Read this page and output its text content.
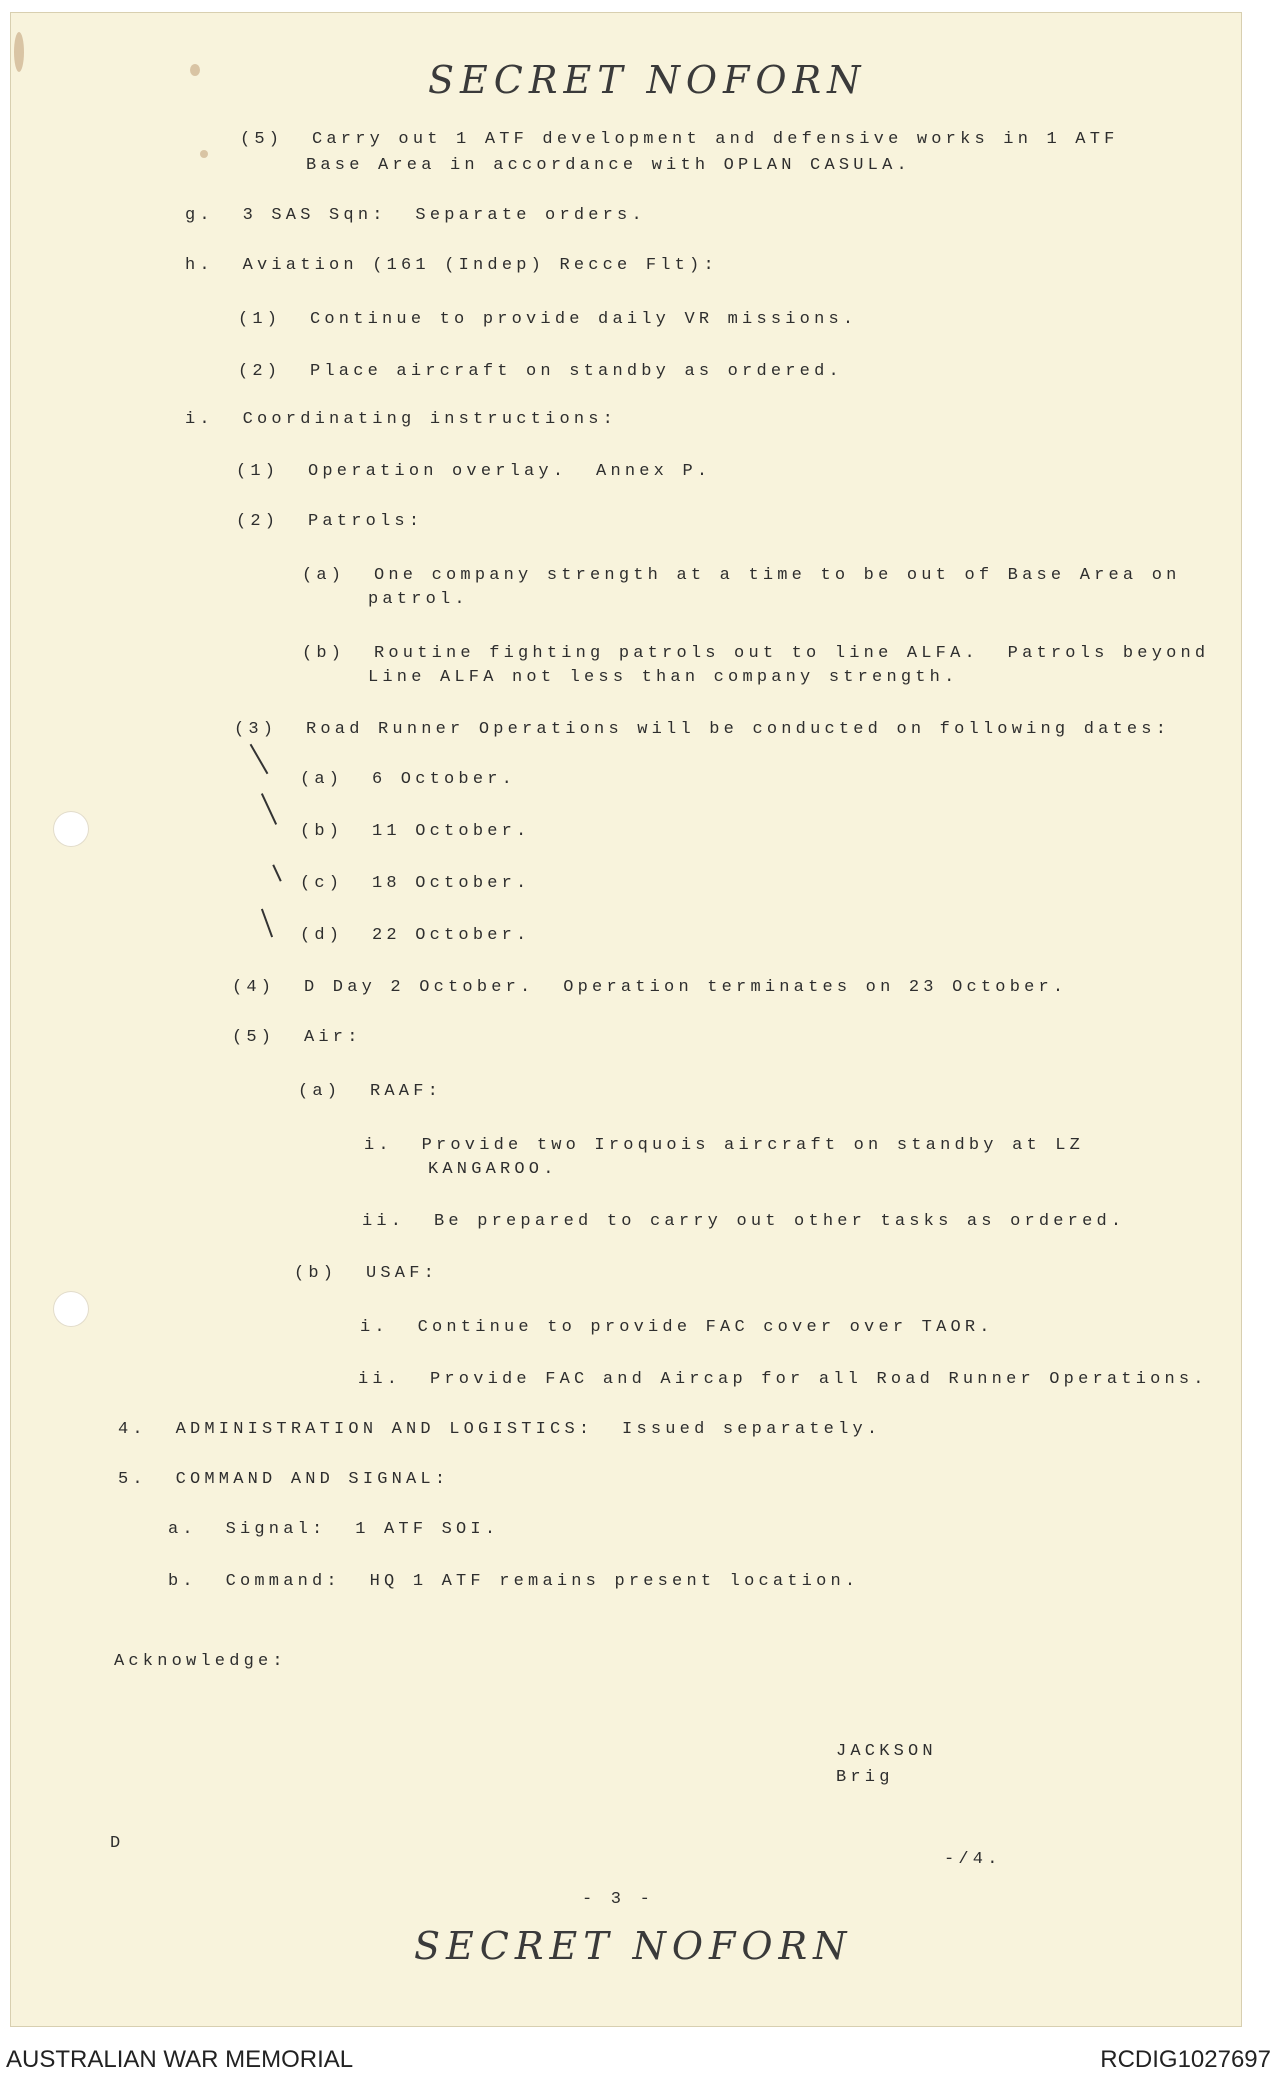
SECRET NOFORN
(5)  Carry out 1 ATF development and defensive works in 1 ATF
Base Area in accordance with OPLAN CASULA.
g.  3 SAS Sqn:  Separate orders.
h.  Aviation (161 (Indep) Recce Flt):
(1)  Continue to provide daily VR missions.
(2)  Place aircraft on standby as ordered.
i.  Coordinating instructions:
(1)  Operation overlay.  Annex P.
(2)  Patrols:
(a)  One company strength at a time to be out of Base Area on
patrol.
(b)  Routine fighting patrols out to line ALFA.  Patrols beyond
Line ALFA not less than company strength.
(3)  Road Runner Operations will be conducted on following dates:
(a)  6 October.
(b)  11 October.
(c)  18 October.
(d)  22 October.
(4)  D Day 2 October.  Operation terminates on 23 October.
(5)  Air:
(a)  RAAF:
i.  Provide two Iroquois aircraft on standby at LZ
KANGAROO.
ii.  Be prepared to carry out other tasks as ordered.
(b)  USAF:
i.  Continue to provide FAC cover over TAOR.
ii.  Provide FAC and Aircap for all Road Runner Operations.
4.  ADMINISTRATION AND LOGISTICS:  Issued separately.
5.  COMMAND AND SIGNAL:
a.  Signal:  1 ATF SOI.
b.  Command:  HQ 1 ATF remains present location.
Acknowledge:
JACKSON
Brig
D
-/4.
- 3 -
SECRET NOFORN
AUSTRALIAN WAR MEMORIAL	RCDIG1027697
